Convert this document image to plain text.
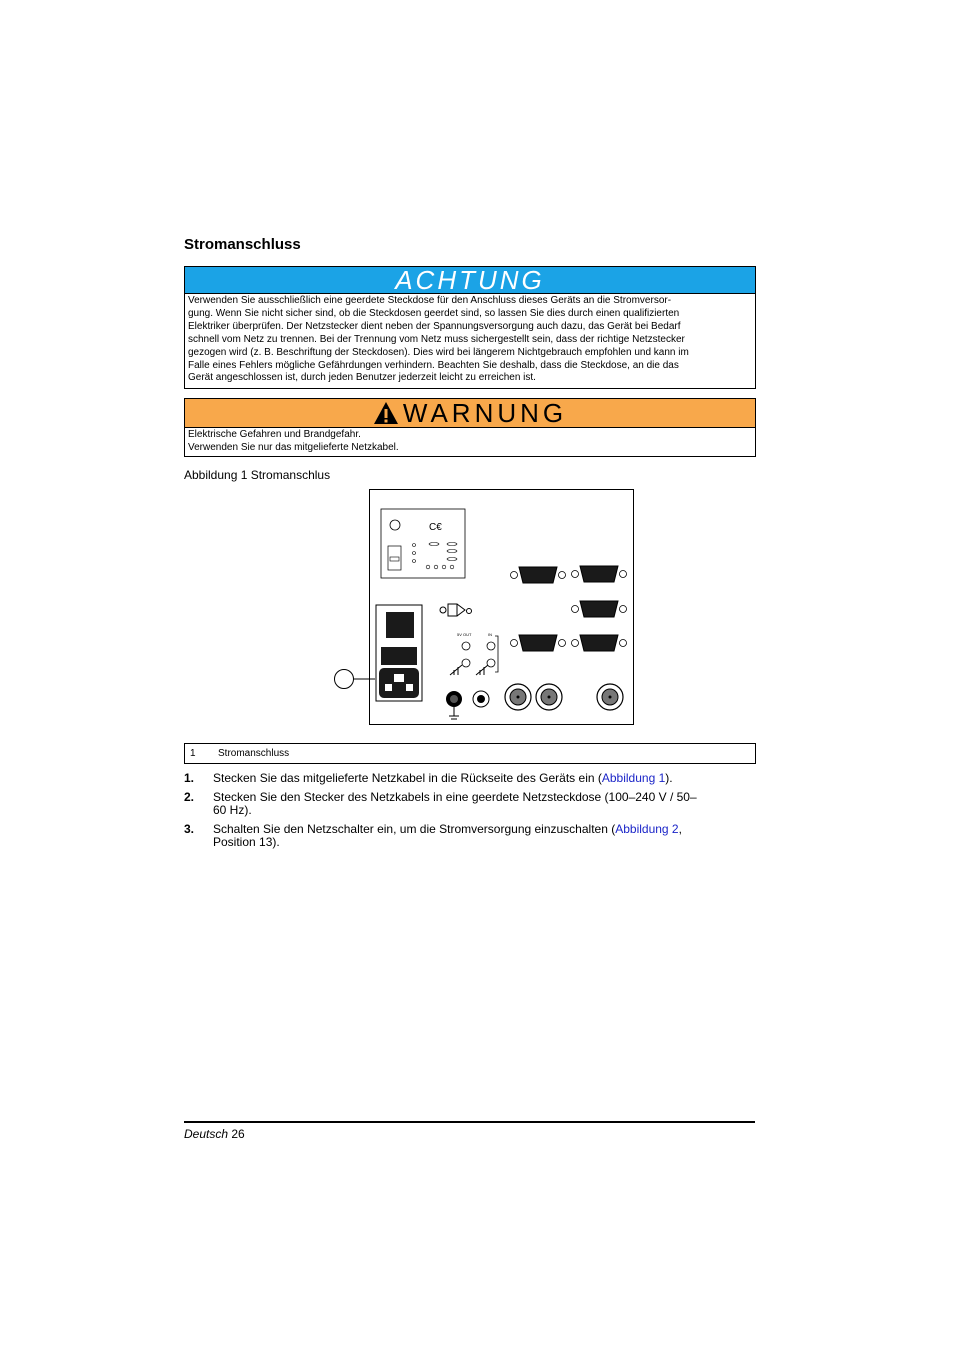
Stromanschluss
ACHTUNG
Verwenden Sie ausschließlich eine geerdete Steckdose für den Anschluss dieses Geräts an die Stromversor-
gung. Wenn Sie nicht sicher sind, ob die Steckdosen geerdet sind, so lassen Sie dies durch einen qualifizierten
Elektriker überprüfen. Der Netzstecker dient neben der Spannungsversorgung auch dazu, das Gerät bei Bedarf
schnell vom Netz zu trennen. Bei der Trennung vom Netz muss sichergestellt sein, dass der richtige Netzstecker
gezogen wird (z. B. Beschriftung der Steckdosen). Dies wird bei längerem Nichtgebrauch empfohlen und kann im
Falle eines Fehlers mögliche Gefährdungen verhindern. Beachten Sie deshalb, dass die Steckdose, an die das
Gerät angeschlossen ist, durch jeden Benutzer jederzeit leicht zu erreichen ist.
WARNUNG
Elektrische Gefahren und Brandgefahr.
Verwenden Sie nur das mitgelieferte Netzkabel.
Abbildung 1 Stromanschlus
C€
5V OUT	IN
1	Stromanschluss
1.	Stecken Sie das mitgelieferte Netzkabel in die Rückseite des Geräts ein (Abbildung 1).
2.	Stecken Sie den Stecker des Netzkabels in eine geerdete Netzsteckdose (100–240 V / 50–
60 Hz).
3.	Schalten Sie den Netzschalter ein, um die Stromversorgung einzuschalten (Abbildung 2,
Position 13).
Deutsch 26
